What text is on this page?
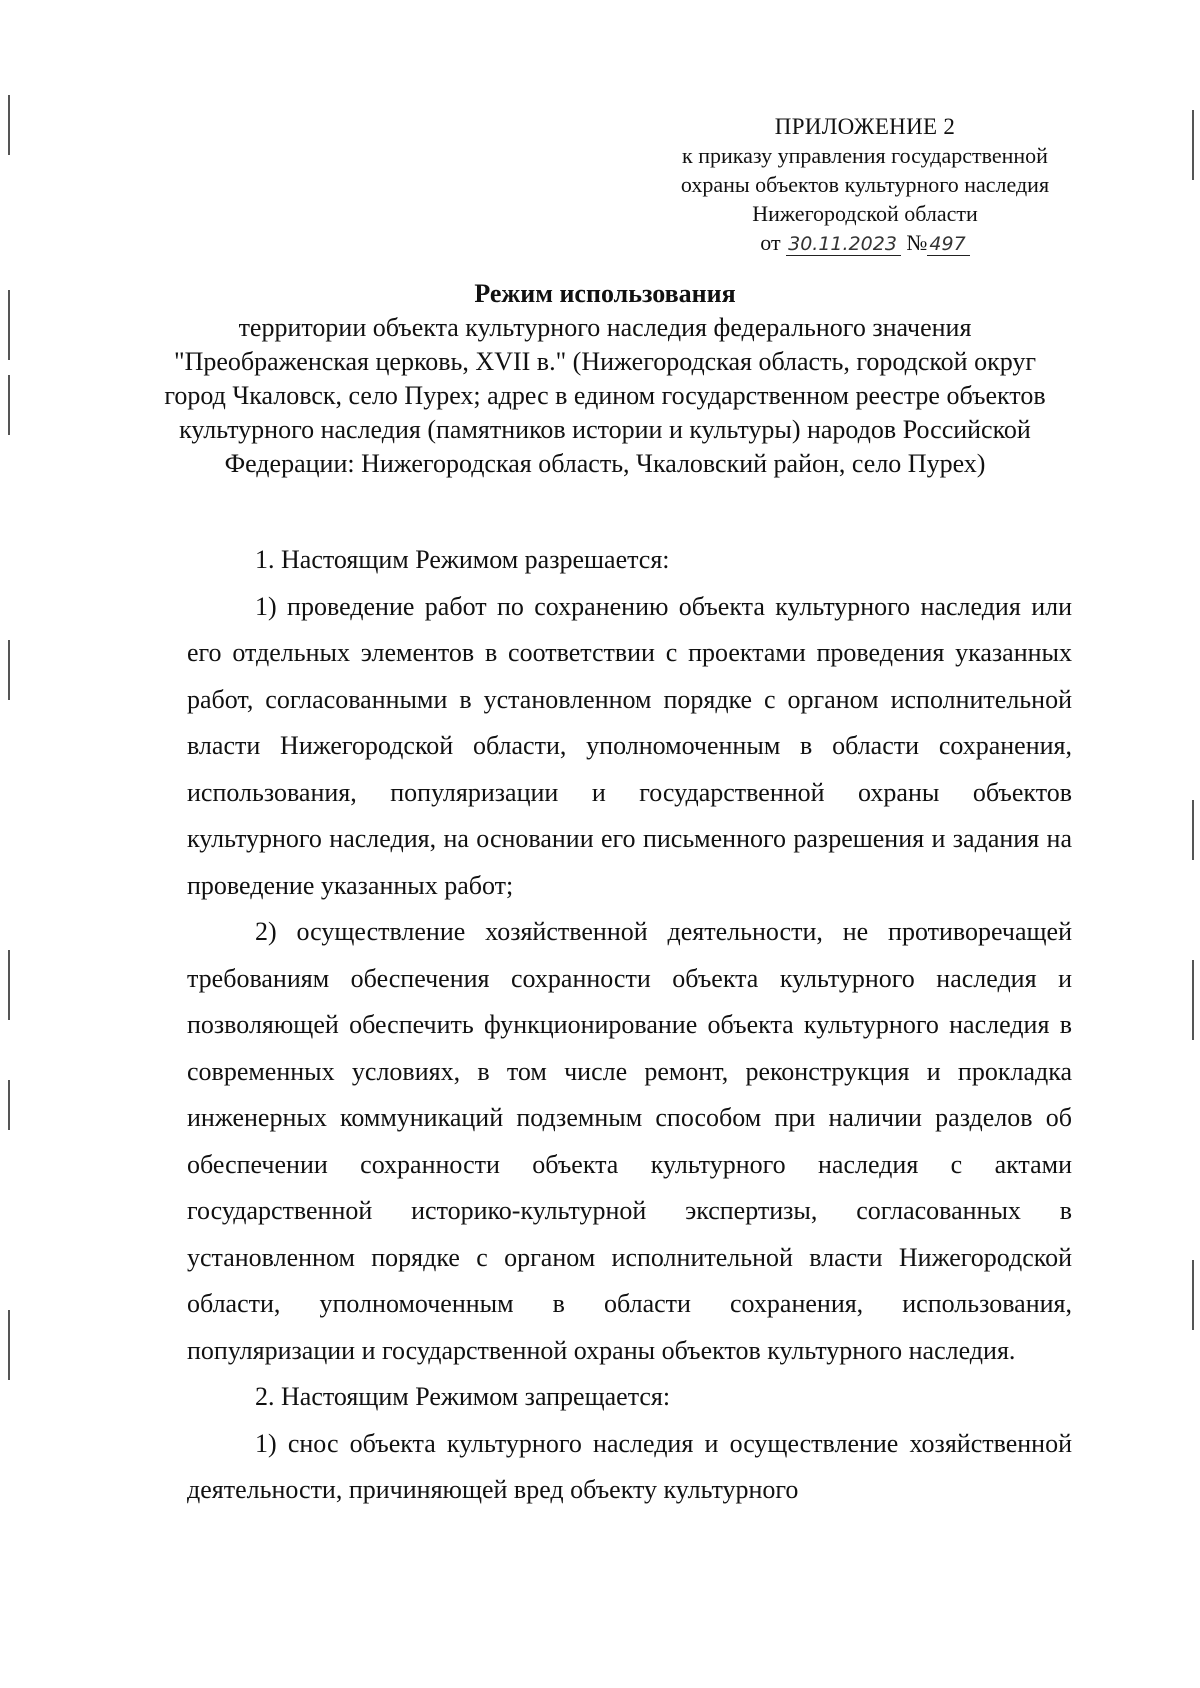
ПРИЛОЖЕНИЕ 2
к приказу управления государственной
охраны объектов культурного наследия
Нижегородской области
от 30.11.2023 № 497
Режим использования
территории объекта культурного наследия федерального значения "Преображенская церковь, XVII в." (Нижегородская область, городской округ город Чкаловск, село Пурех; адрес в едином государственном реестре объектов культурного наследия (памятников истории и культуры) народов Российской Федерации: Нижегородская область, Чкаловский район, село Пурех)

1. Настоящим Режимом разрешается:

1) проведение работ по сохранению объекта культурного наследия или его отдельных элементов в соответствии с проектами проведения указанных работ, согласованными в установленном порядке с органом исполнительной власти Нижегородской области, уполномоченным в области сохранения, использования, популяризации и государственной охраны объектов культурного наследия, на основании его письменного разрешения и задания на проведение указанных работ;

2) осуществление хозяйственной деятельности, не противоречащей требованиям обеспечения сохранности объекта культурного наследия и позволяющей обеспечить функционирование объекта культурного наследия в современных условиях, в том числе ремонт, реконструкция и прокладка инженерных коммуникаций подземным способом при наличии разделов об обеспечении сохранности объекта культурного наследия с актами государственной историко-культурной экспертизы, согласованных в установленном порядке с органом исполнительной власти Нижегородской области, уполномоченным в области сохранения, использования, популяризации и государственной охраны объектов культурного наследия.

2. Настоящим Режимом запрещается:

1) снос объекта культурного наследия и осуществление хозяйственной деятельности, причиняющей вред объекту культурного
